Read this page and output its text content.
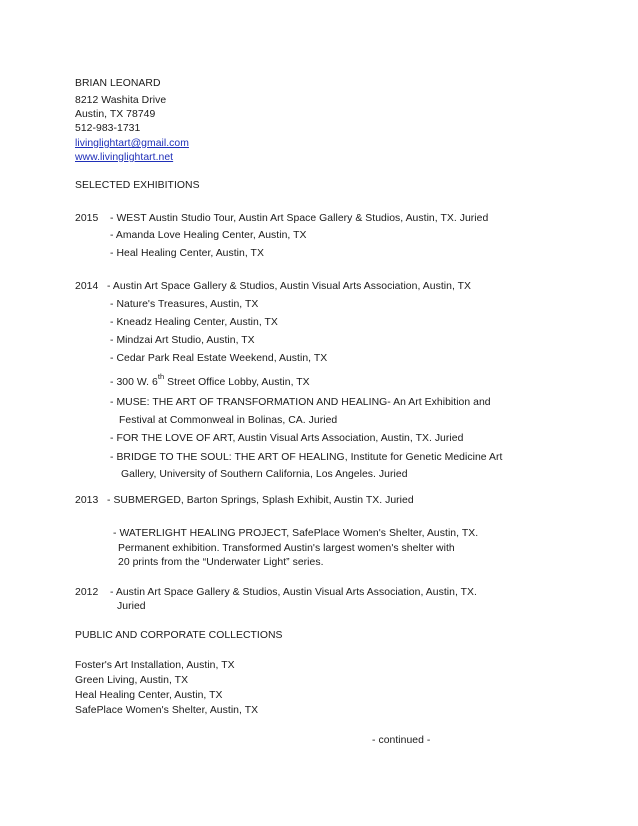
BRIAN LEONARD
8212 Washita Drive
Austin, TX 78749
512-983-1731
livinglightart@gmail.com
www.livinglightart.net
SELECTED EXHIBITIONS
2015 - WEST Austin Studio Tour, Austin Art Space Gallery & Studios, Austin, TX. Juried
- Amanda Love Healing Center, Austin, TX
- Heal Healing Center, Austin, TX
2014 - Austin Art Space Gallery & Studios, Austin Visual Arts Association, Austin, TX
- Nature's Treasures, Austin, TX
- Kneadz Healing Center, Austin, TX
- Mindzai Art Studio, Austin, TX
- Cedar Park Real Estate Weekend, Austin, TX
- 300 W. 6th Street Office Lobby, Austin, TX
- MUSE: THE ART OF TRANSFORMATION AND HEALING- An Art Exhibition and
Festival at Commonweal in Bolinas, CA. Juried
- FOR THE LOVE OF ART, Austin Visual Arts Association, Austin, TX. Juried
- BRIDGE TO THE SOUL: THE ART OF HEALING, Institute for Genetic Medicine Art
Gallery, University of Southern California, Los Angeles. Juried
2013 - SUBMERGED, Barton Springs, Splash Exhibit, Austin TX. Juried
- WATERLIGHT HEALING PROJECT, SafePlace Women's Shelter, Austin, TX.
Permanent exhibition. Transformed Austin's largest women's shelter with
20 prints from the “Underwater Light” series.
2012 - Austin Art Space Gallery & Studios, Austin Visual Arts Association, Austin, TX.
Juried
PUBLIC AND CORPORATE COLLECTIONS
Foster's Art Installation, Austin, TX
Green Living, Austin, TX
Heal Healing Center, Austin, TX
SafePlace Women's Shelter, Austin, TX
- continued -
